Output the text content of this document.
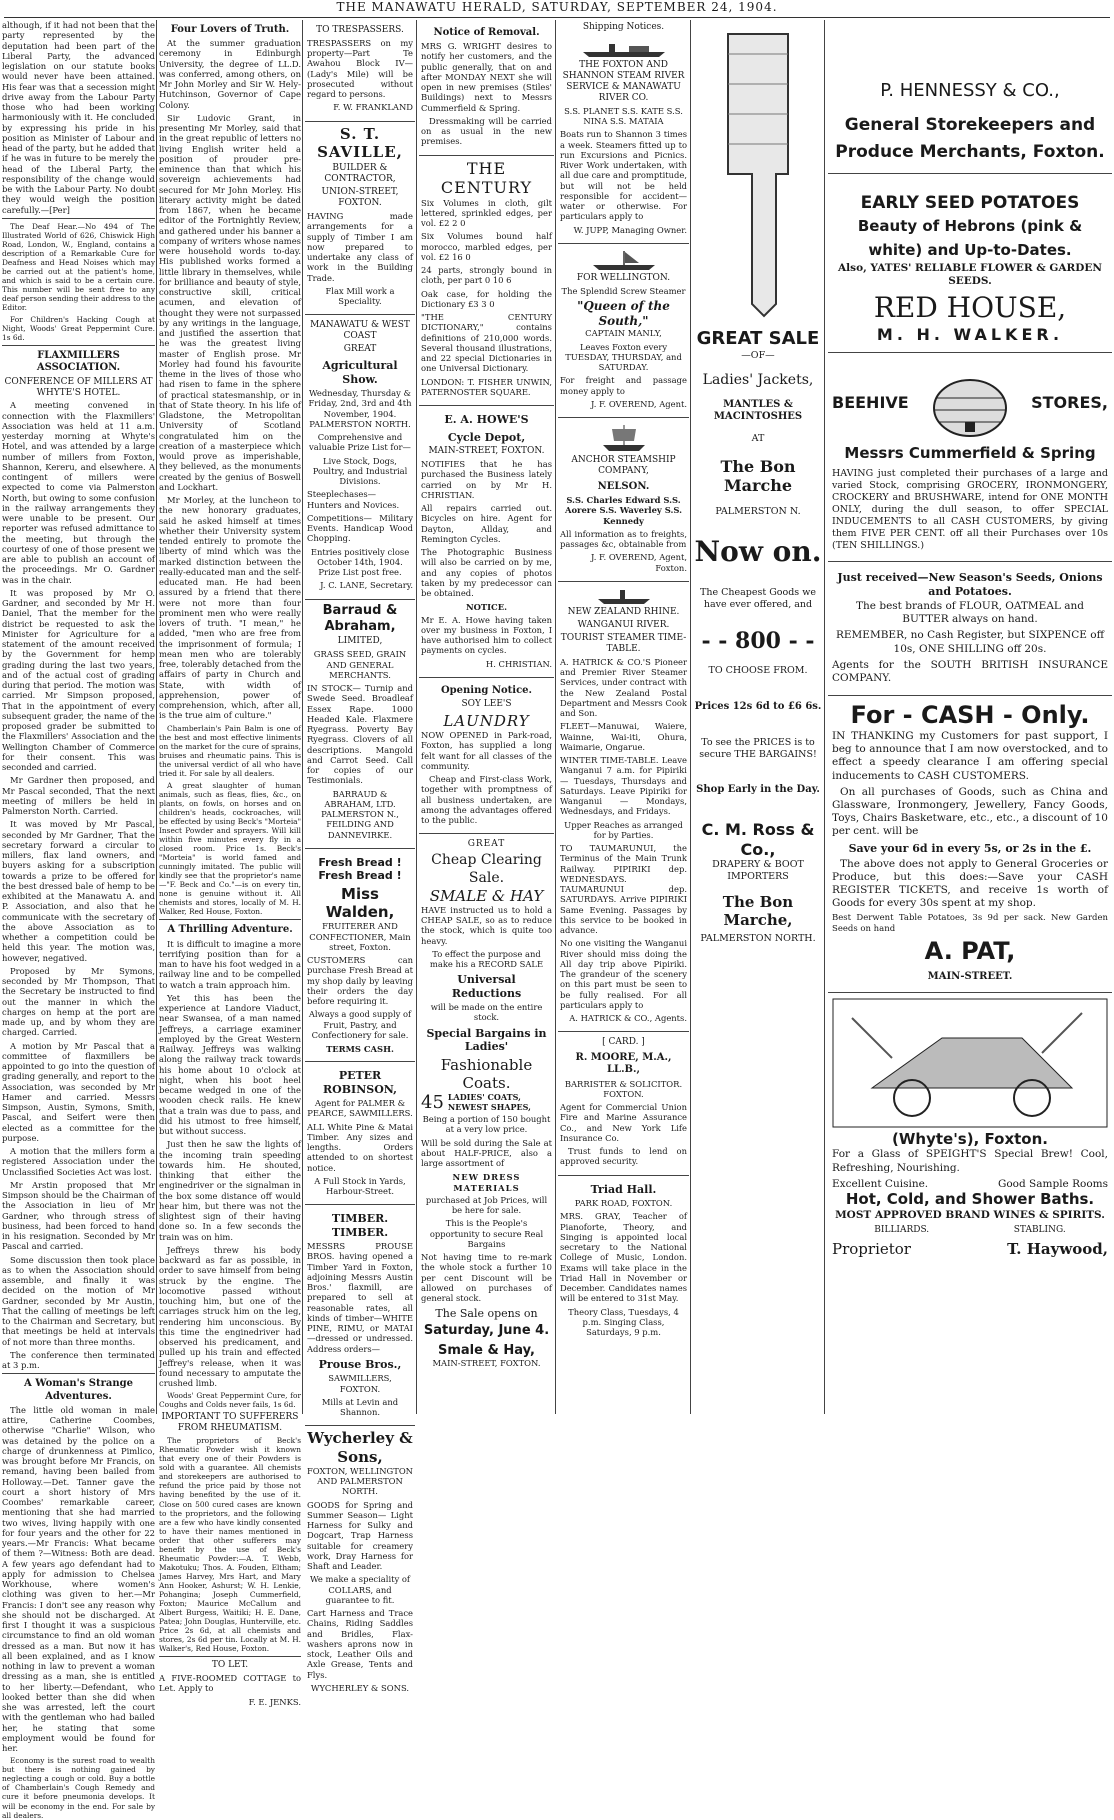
THE MANAWATU HERALD, SATURDAY, SEPTEMBER 24, 1904.

although, if it had not been that the party represented by the deputation had been part of the Liberal Party, the advanced legislation on our statute books would never have been attained. His fear was that a secession might drive away from the Labour Party those who had been working harmoniously with it. He concluded by expressing his pride in his position as Minister of Labour and head of the party, but he added that if he was in future to be merely the head of the Liberal Party, the responsibility of the change would be with the Labour Party. No doubt they would weigh the position carefully.—[Per]

The Deaf Hear.—No 494 of The Illustrated World of 626, Chiswick High Road, London, W., England, contains a description of a Remarkable Cure for Deafness and Head Noises which may be carried out at the patient's home, and which is said to be a certain cure. This number will be sent free to any deaf person sending their address to the Editor.

For Children's Hacking Cough at Night, Woods' Great Peppermint Cure. 1s 6d.

FLAXMILLERS ASSOCIATION.
CONFERENCE OF MILLERS AT WHYTE'S HOTEL.

A meeting convened in connection with the Flaxmillers' Association was held at 11 a.m. yesterday morning at Whyte's Hotel, and was attended by a large number of millers from Foxton, Shannon, Kereru, and elsewhere. A contingent of millers were expected to come via Palmerston North, but owing to some confusion in the railway arrangements they were unable to be present. Our reporter was refused admittance to the meeting, but through the courtesy of one of those present we are able to publish an account of the proceedings. Mr O. Gardner was in the chair.

It was proposed by Mr O. Gardner, and seconded by Mr H. Daniel, That the member for the district be requested to ask the Minister for Agriculture for a statement of the amount received by the Government for hemp grading during the last two years, and of the actual cost of grading during that period. The motion was carried. Mr Simpson proposed, That in the appointment of every subsequent grader, the name of the proposed grader be submitted to the Flaxmillers' Association and the Wellington Chamber of Commerce for their consent. This was seconded and carried.

Mr Gardner then proposed, and Mr Pascal seconded, That the next meeting of millers be held in Palmerston North. Carried.

It was moved by Mr Pascal, seconded by Mr Gardner, That the secretary forward a circular to millers, flax land owners, and buyers asking for a subscription towards a prize to be offered for the best dressed bale of hemp to be exhibited at the Manawatu A. and P. Association, and also that he communicate with the secretary of the above Association as to whether a competition could be held this year. The motion was, however, negatived.

Proposed by Mr Symons, seconded by Mr Thompson, That the Secretary be instructed to find out the manner in which the charges on hemp at the port are made up, and by whom they are charged. Carried.

A motion by Mr Pascal that a committee of flaxmillers be appointed to go into the question of grading generally, and report to the Association, was seconded by Mr Hamer and carried. Messrs Simpson, Austin, Symons, Smith, Pascal, and Seifert were then elected as a committee for the purpose.

A motion that the millers form a registered Association under the Unclassified Societies Act was lost.

Mr Arstin proposed that Mr Simpson should be the Chairman of the Association in lieu of Mr Gardner, who through stress of business, had been forced to hand in his resignation. Seconded by Mr Pascal and carried.

Some discussion then took place as to when the Association should assemble, and finally it was decided on the motion of Mr Gardner, seconded by Mr Austin, That the calling of meetings be left to the Chairman and Secretary, but that meetings be held at intervals of not more than three months.

The conference then terminated at 3 p.m.

A Woman's Strange Adventures.

The little old woman in male attire, Catherine Coombes, otherwise "Charlie" Wilson, who was detained by the police on a charge of drunkenness at Pimlico, was brought before Mr Francis, on remand, having been bailed from Holloway.—Det. Tanner gave the court a short history of Mrs Coombes' remarkable career, mentioning that she had married two wives, living happily with one for four years and the other for 22 years.—Mr Francis: What became of them ?—Witness: Both are dead. A few years ago defendant had to apply for admission to Chelsea Workhouse, where women's clothing was given to her.—Mr Francis: I don't see any reason why she should not be discharged. At first I thought it was a suspicious circumstance to find an old woman dressed as a man. But now it has all been explained, and as I know nothing in law to prevent a woman dressing as a man, she is entitled to her liberty.—Defendant, who looked better than she did when she was arrested, left the court with the gentleman who had bailed her, he stating that some employment would be found for her.

Economy is the surest road to wealth but there is nothing gained by neglecting a cough or cold. Buy a bottle of Chamberlain's Cough Remedy and cure it before pneumonia develops. It will be economy in the end. For sale by all dealers.

Four Lovers of Truth.

At the summer graduation ceremony in Edinburgh University, the degree of LL.D. was conferred, among others, on Mr John Morley and Sir W. Hely-Hutchinson, Governor of Cape Colony.

Sir Ludovic Grant, in presenting Mr Morley, said that in the great republic of letters no living English writer held a position of prouder pre-eminence than that which his sovereign achievements had secured for Mr John Morley. His literary activity might be dated from 1867, when he became editor of the Fortnightly Review, and gathered under his banner a company of writers whose names were household words to-day. His published works formed a little library in themselves, while for brilliance and beauty of style, constructive skill, critical acumen, and elevation of thought they were not surpassed by any writings in the language, and justified the assertion that he was the greatest living master of English prose. Mr Morley had found his favourite theme in the lives of those who had risen to fame in the sphere of practical statesmanship, or in that of State theory. In his life of Gladstone, the Metropolitan University of Scotland congratulated him on the creation of a masterpiece which would prove as imperishable, they believed, as the monuments created by the genius of Boswell and Lockhart.

Mr Morley, at the luncheon to the new honorary graduates, said he asked himself at times whether their University system tended entirely to promote the liberty of mind which was the marked distinction between the really-educated man and the self-educated man. He had been assured by a friend that there were not more than four prominent men who were really lovers of truth. "I mean," he added, "men who are free from the imprisonment of formula; I mean men who are tolerably free, tolerably detached from the affairs of party in Church and State, with width of apprehension, power of comprehension, which, after all, is the true aim of culture."

Chamberlain's Pain Balm is one of the best and most effective liniments on the market for the cure of sprains, bruises and rheumatic pains. This is the universal verdict of all who have tried it. For sale by all dealers.

A great slaughter of human animals, such as fleas, flies, &c., on plants, on fowls, on horses and on children's heads, cockroaches, will be effected by using Beck's "Morteia" Insect Powder and sprayers. Will kill within five minutes every fly in a closed room. Price 1s. Beck's "Morteia" is world famed and cunningly imitated. The public will kindly see that the proprietor's name—"F. Beck and Co."—is on every tin, none is genuine without it. All chemists and stores, locally of M. H. Walker, Red House, Foxton.

A Thrilling Adventure.

It is difficult to imagine a more terrifying position than for a man to have his foot wedged in a railway line and to be compelled to watch a train approach him.

Yet this has been the experience at Landore Viaduct, near Swansea, of a man named Jeffreys, a carriage examiner employed by the Great Western Railway. Jeffreys was walking along the railway track towards his home about 10 o'clock at night, when his boot heel became wedged in one of the wooden check rails. He knew that a train was due to pass, and did his utmost to free himself, but without success.

Just then he saw the lights of the incoming train speeding towards him. He shouted, thinking that either the enginedriver or the signalman in the box some distance off would hear him, but there was not the slightest sign of their having done so. In a few seconds the train was on him.

Jeffreys threw his body backward as far as possible, in order to save himself from being struck by the engine. The locomotive passed without touching him, but one of the carriages struck him on the leg, rendering him unconscious. By this time the enginedriver had observed his predicament, and pulled up his train and effected Jeffrey's release, when it was found necessary to amputate the crushed limb.

Woods' Great Peppermint Cure, for Coughs and Colds never fails, 1s 6d.

IMPORTANT TO SUFFERERS FROM RHEUMATISM.

The proprietors of Beck's Rheumatic Powder wish it known that every one of their Powders is sold with a guarantee. All chemists and storekeepers are authorised to refund the price paid by those not having benefited by the use of it. Close on 500 cured cases are known to the proprietors, and the following are a few who have kindly consented to have their names mentioned in order that other sufferers may benefit by the use of Beck's Rheumatic Powder:—A. T. Webb, Makotuku; Thos. A. Fouden, Eltham; James Harvey, Mrs Hart, and Mary Ann Hooker, Ashurst; W. H. Lenkie, Pohangina; Joseph Cummerfield, Foxton; Maurice McCallum and Albert Burgess, Waitiki; H. E. Dane, Patea; John Douglas, Hunterville, etc. Price 2s 6d, at all chemists and stores, 2s 6d per tin. Locally at M. H. Walker's, Red House, Foxton.

TO LET.

A FIVE-ROOMED COTTAGE to Let. Apply to

F. E. JENKS.

TO TRESPASSERS.

TRESPASSERS on my property—Part Te Awahou Block IV—(Lady's Mile) will be prosecuted without regard to persons.

F. W. FRANKLAND

S. T. SAVILLE,
BUILDER & CONTRACTOR,
UNION-STREET, FOXTON.

HAVING made arrangements for a supply of Timber I am now prepared to undertake any class of work in the Building Trade.

Flax Mill work a Speciality.

MANAWATU & WEST COAST
GREAT
Agricultural Show.

Wednesday, Thursday & Friday, 2nd, 3rd and 4th November, 1904. PALMERSTON NORTH.

Comprehensive and valuable Prize List for—

Live Stock, Dogs, Poultry, and Industrial Divisions.

Steeplechases— Hunters and Novices.

Competitions— Military Events. Handicap Wood Chopping.

Entries positively close October 14th, 1904. Prize List post free.

J. C. LANE, Secretary.

Barraud & Abraham,
LIMITED,

GRASS SEED, GRAIN AND GENERAL MERCHANTS.

IN STOCK— Turnip and Swede Seed. Broadleaf Essex Rape. 1000 Headed Kale. Flaxmere Ryegrass. Poverty Bay Ryegrass. Clovers of all descriptions. Mangold and Carrot Seed. Call for copies of our Testimonials.

BARRAUD & ABRAHAM, LTD. PALMERSTON N., FEILDING AND DANNEVIRKE.

Fresh Bread ! Fresh Bread !
Miss Walden,

FRUITERER AND CONFECTIONER, Main street, Foxton.

CUSTOMERS can purchase Fresh Bread at my shop daily by leaving their orders the day before requiring it.

Always a good supply of Fruit, Pastry, and Confectionery for sale.

TERMS CASH.
PETER ROBINSON,

Agent for PALMER & PEARCE, SAWMILLERS.

ALL White Pine & Matai Timber. Any sizes and lengths. Orders attended to on shortest notice.

A Full Stock in Yards, Harbour-Street.

TIMBER. TIMBER.

MESSRS PROUSE BROS. having opened a Timber Yard in Foxton, adjoining Messrs Austin Bros.' flaxmill, are prepared to sell at reasonable rates, all kinds of timber—WHITE PINE, RIMU, or MATAI—dressed or undressed. Address orders—

Prouse Bros.,

SAWMILLERS, FOXTON.

Mills at Levin and Shannon.

Wycherley & Sons,

FOXTON, WELLINGTON AND PALMERSTON NORTH.

GOODS for Spring and Summer Season— Light Harness for Sulky and Dogcart, Trap Harness suitable for creamery work, Dray Harness for Shaft and Leader.

We make a speciality of COLLARS, and guarantee to fit.

Cart Harness and Trace Chains, Riding Saddles and Bridles, Flax-washers aprons now in stock, Leather Oils and Axle Grease, Tents and Flys.

WYCHERLEY & SONS.

Notice of Removal.

MRS G. WRIGHT desires to notify her customers, and the public generally, that on and after MONDAY NEXT she will open in new premises (Stiles' Buildings) next to Messrs Cummerfield & Spring.

Dressmaking will be carried on as usual in the new premises.

THE CENTURY

Six Volumes in cloth, gilt lettered, sprinkled edges, per vol. £2 2 0

Six Volumes bound half morocco, marbled edges, per vol. £2 16 0

24 parts, strongly bound in cloth, per part 0 10 6

Oak case, for holding the Dictionary £3 3 0

"THE CENTURY DICTIONARY," contains definitions of 210,000 words. Several thousand illustrations, and 22 special Dictionaries in one Universal Dictionary.

LONDON: T. FISHER UNWIN, PATERNOSTER SQUARE.

E. A. HOWE'S
Cycle Depot,
MAIN-STREET, FOXTON.

NOTIFIES that he has purchased the Business lately carried on by Mr H. CHRISTIAN.

All repairs carried out. Bicycles on hire. Agent for Dayton, Allday, and Remington Cycles.

The Photographic Business will also be carried on by me, and any copies of photos taken by my predecessor can be obtained.

NOTICE.

Mr E. A. Howe having taken over my business in Foxton, I have authorised him to collect payments on cycles.

H. CHRISTIAN.

Opening Notice.
SOY LEE'S
LAUNDRY

NOW OPENED in Park-road, Foxton, has supplied a long felt want for all classes of the community.

Cheap and First-class Work, together with promptness of all business undertaken, are among the advantages offered to the public.

GREAT
Cheap Clearing Sale.
SMALE & HAY

HAVE instructed us to hold a CHEAP SALE, so as to reduce the stock, which is quite too heavy.

To effect the purpose and make his a RECORD SALE

Universal Reductions

will be made on the entire stock.

Special Bargains in Ladies'
Fashionable Coats.
45 LADIES' COATS, NEWEST SHAPES,

Being a portion of 150 bought at a very low price.

Will be sold during the Sale at about HALF-PRICE, also a large assortment of

NEW DRESS MATERIALS

purchased at Job Prices, will be here for sale.

This is the People's opportunity to secure Real Bargains

Not having time to re-mark the whole stock a further 10 per cent Discount will be allowed on purchases of general stock.

The Sale opens on
Saturday, June 4.
Smale & Hay,

MAIN-STREET, FOXTON.

Shipping Notices.
THE FOXTON AND SHANNON STEAM RIVER SERVICE & MANAWATU RIVER CO.

S.S. PLANET S.S. KATE S.S. NINA S.S. MATAIA

Boats run to Shannon 3 times a week. Steamers fitted up to run Excursions and Picnics. River Work undertaken, with all due care and promptitude, but will not be held responsible for accident—water or otherwise. For particulars apply to

W. JUPP, Managing Owner.

FOR WELLINGTON.

The Splendid Screw Steamer

"Queen of the South,"

CAPTAIN MANLY,

Leaves Foxton every TUESDAY, THURSDAY, and SATURDAY.

For freight and passage money apply to

J. F. OVEREND, Agent.

ANCHOR STEAMSHIP COMPANY,
NELSON.

S.S. Charles Edward S.S. Aorere S.S. Waverley S.S. Kennedy

All information as to freights, passages &c, obtainable from

J. F. OVEREND, Agent, Foxton.

NEW ZEALAND RHINE.
WANGANUI RIVER.
TOURIST STEAMER TIME-TABLE.

A. HATRICK & CO.'S Pioneer and Premier River Steamer Services, under contract with the New Zealand Postal Department and Messrs Cook and Son.

FLEET—Manuwai, Waiere, Wainne, Wai-iti, Ohura, Waimarie, Ongarue.

WINTER TIME-TABLE. Leave Wanganui 7 a.m. for Pipiriki — Tuesdays, Thursdays and Saturdays. Leave Pipiriki for Wanganui — Mondays, Wednesdays, and Fridays.

Upper Reaches as arranged for by Parties.

TO TAUMARUNUI, the Terminus of the Main Trunk Railway. PIPIRIKI dep. WEDNESDAYS. TAUMARUNUI dep. SATURDAYS. Arrive PIPIRIKI Same Evening. Passages by this service to be booked in advance.

No one visiting the Wanganui River should miss doing the All day trip above Pipiriki. The grandeur of the scenery on this part must be seen to be fully realised. For all particulars apply to

A. HATRICK & CO., Agents.

[ CARD. ]
R. MOORE, M.A., LL.B.,

BARRISTER & SOLICITOR. FOXTON.

Agent for Commercial Union Fire and Marine Assurance Co., and New York Life Insurance Co.

Trust funds to lend on approved security.

Triad Hall.

PARK ROAD, FOXTON.

MRS. GRAY, Teacher of Pianoforte, Theory, and Singing is appointed local secretary to the National College of Music, London. Exams will take place in the Triad Hall in November or December. Candidates names will be entered to 31st May.

Theory Class, Tuesdays, 4 p.m. Singing Class, Saturdays, 9 p.m.

GREAT SALE
—OF—
Ladies' Jackets,
MANTLES & MACINTOSHES
AT
The Bon Marche
PALMERSTON N.
Now on.
The Cheapest Goods we have ever offered, and
- - 800 - -
TO CHOOSE FROM.
Prices 12s 6d to £6 6s.
To see the PRICES is to secure THE BARGAINS!
Shop Early in the Day.
C. M. Ross & Co.,
DRAPERY & BOOT IMPORTERS
The Bon Marche,
PALMERSTON NORTH.
P. HENNESSY & CO.,
General Storekeepers and Produce Merchants, Foxton.
EARLY SEED POTATOES
Beauty of Hebrons (pink & white) and Up-to-Dates.

Also, YATES' RELIABLE FLOWER & GARDEN SEEDS.

RED HOUSE,
M. H. WALKER.
BEEHIVE	STORES,
Messrs Cummerfield & Spring

HAVING just completed their purchases of a large and varied Stock, comprising GROCERY, IRONMONGERY, CROCKERY and BRUSHWARE, intend for ONE MONTH ONLY, during the dull season, to offer SPECIAL INDUCEMENTS to all CASH CUSTOMERS, by giving them FIVE PER CENT. off all their Purchases over 10s (TEN SHILLINGS.)

Just received—New Season's Seeds, Onions and Potatoes.

The best brands of FLOUR, OATMEAL and BUTTER always on hand.

REMEMBER, no Cash Register, but SIXPENCE off 10s, ONE SHILLING off 20s.

Agents for the SOUTH BRITISH INSURANCE COMPANY.

For - CASH - Only.

IN THANKING my Customers for past support, I beg to announce that I am now overstocked, and to effect a speedy clearance I am offering special inducements to CASH CUSTOMERS.

On all purchases of Goods, such as China and Glassware, Ironmongery, Jewellery, Fancy Goods, Toys, Chairs Basketware, etc., etc., a discount of 10 per cent. will be

Save your 6d in every 5s, or 2s in the £.

The above does not apply to General Groceries or Produce, but this does:—Save your CASH REGISTER TICKETS, and receive 1s worth of Goods for every 30s spent at my shop.

Best Derwent Table Potatoes, 3s 9d per sack. New Garden Seeds on hand

A. PAT,
MAIN-STREET.
(Whyte's), Foxton.

For a Glass of SPEIGHT'S Special Brew! Cool, Refreshing, Nourishing.

Excellent Cuisine.	Good Sample Rooms
Hot, Cold, and Shower Baths.

MOST APPROVED BRAND WINES & SPIRITS.

BILLIARDS.	STABLING.
Proprietor	T. Haywood,
